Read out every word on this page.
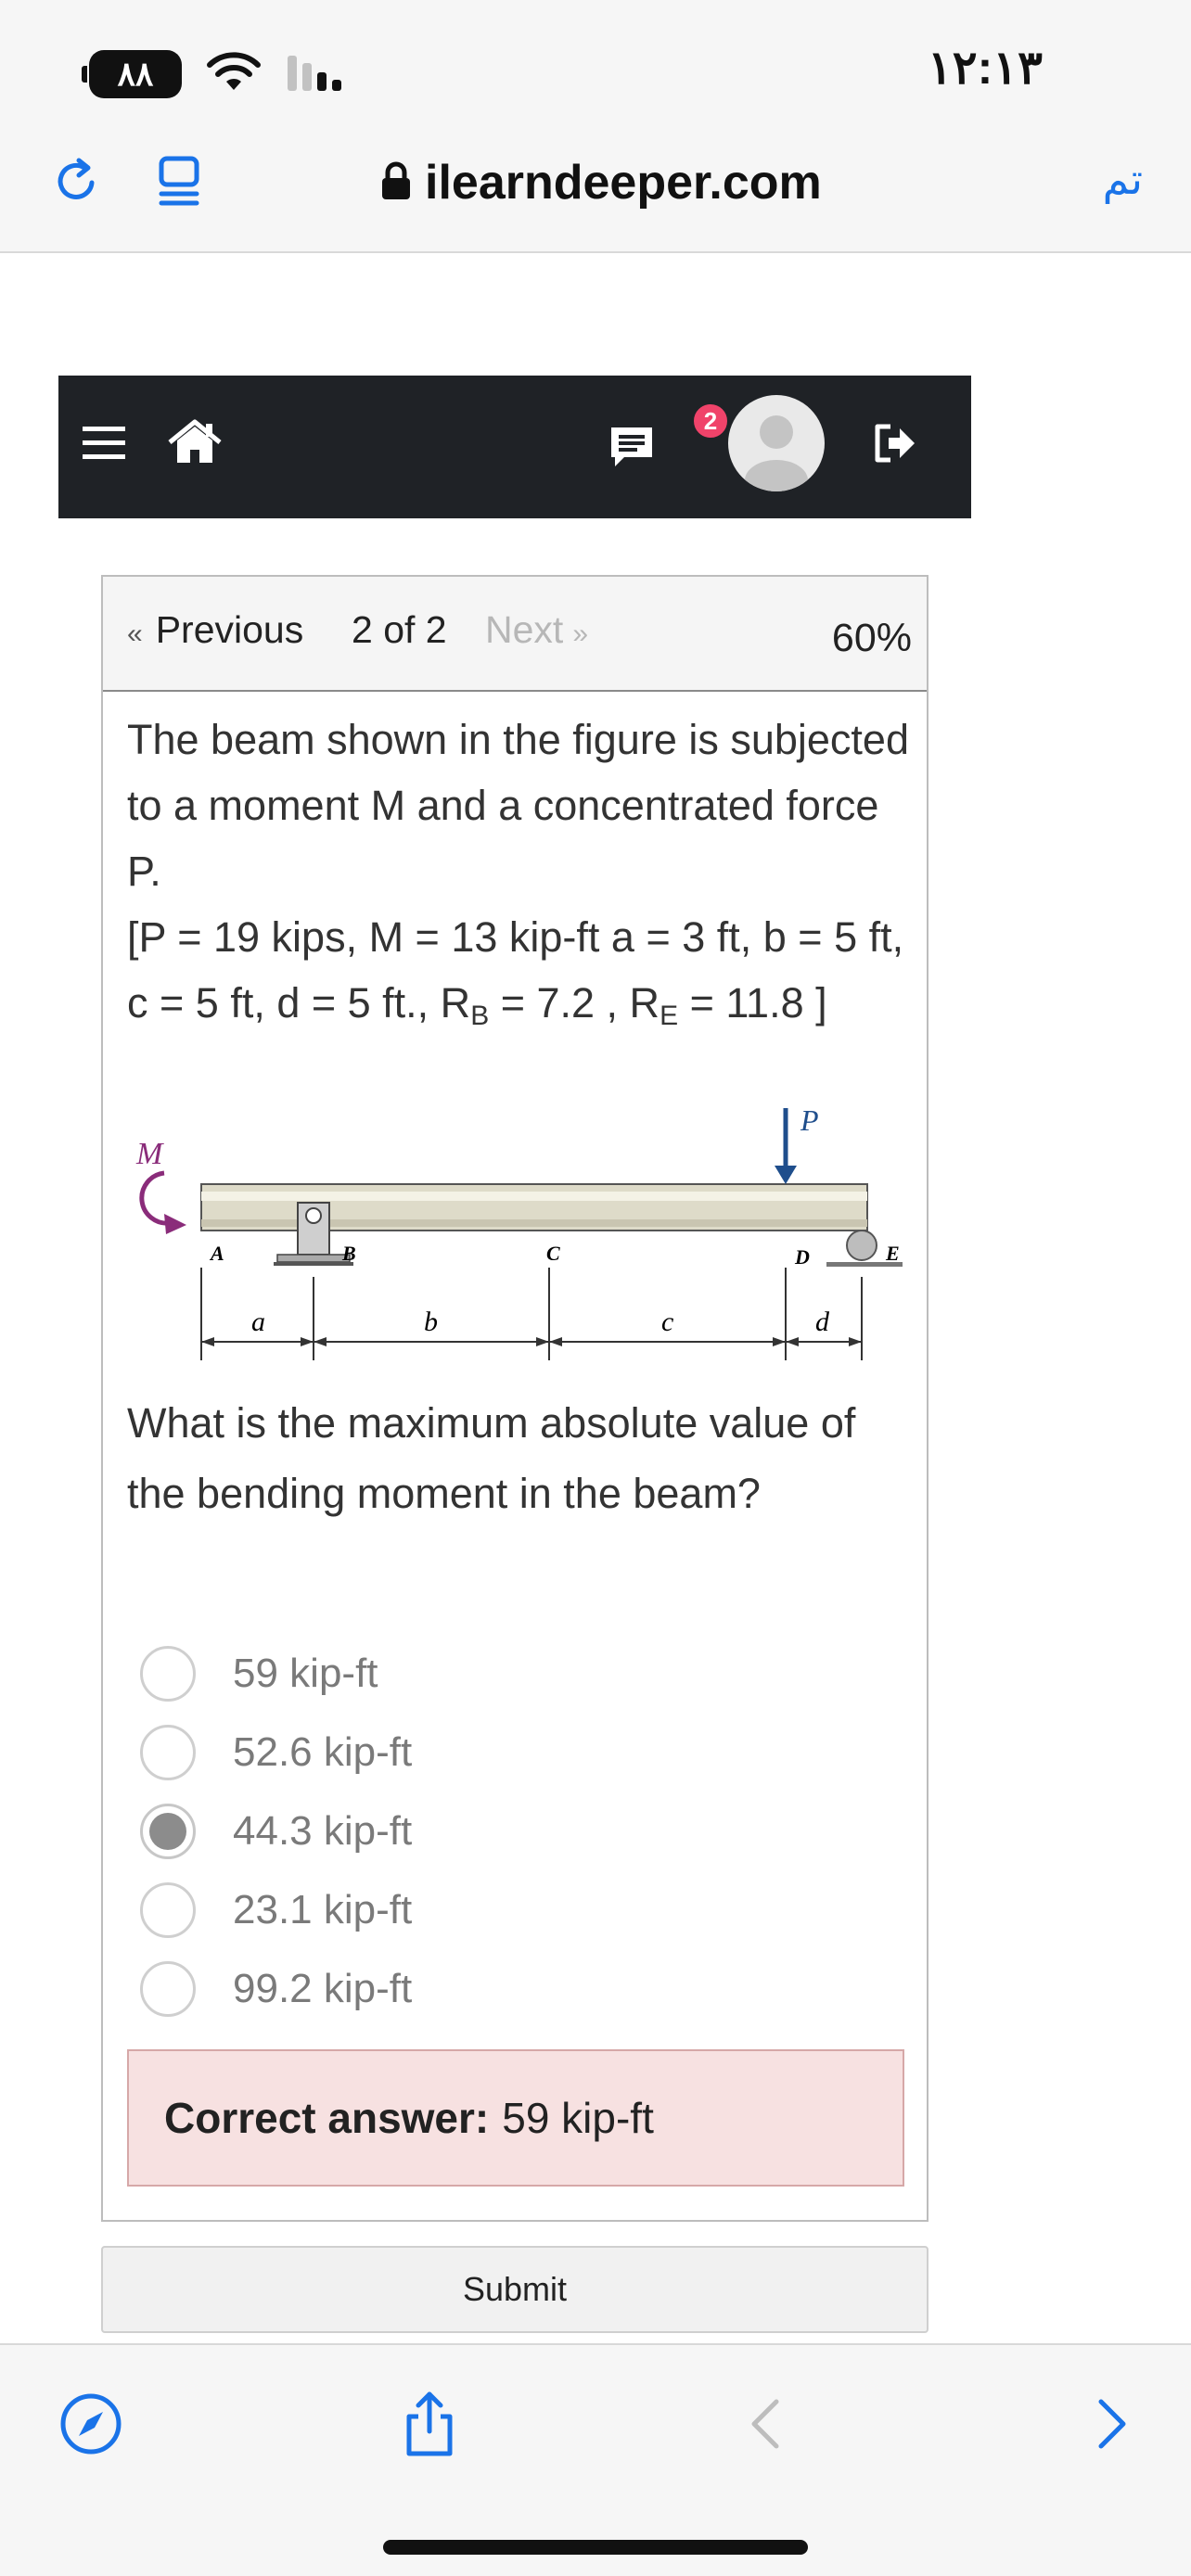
۸۸	۱۲:۱۳
ilearndeeper.com	تم
2
« Previous 2 of 2 Next »	60%
The beam shown in the figure is subjected to a moment M and a concentrated force P.
[P = 19 kips, M = 13 kip-ft a = 3 ft, b = 5 ft, c = 5 ft, d = 5 ft., $R_B = 7.2$ , $R_E = 11.8$ ]
M
P
A	B	C	D	E
a	b	c	d
What is the maximum absolute value of the bending moment in the beam?
59 kip-ft
52.6 kip-ft
44.3 kip-ft
23.1 kip-ft
99.2 kip-ft
Correct answer: 59 kip-ft
Submit
